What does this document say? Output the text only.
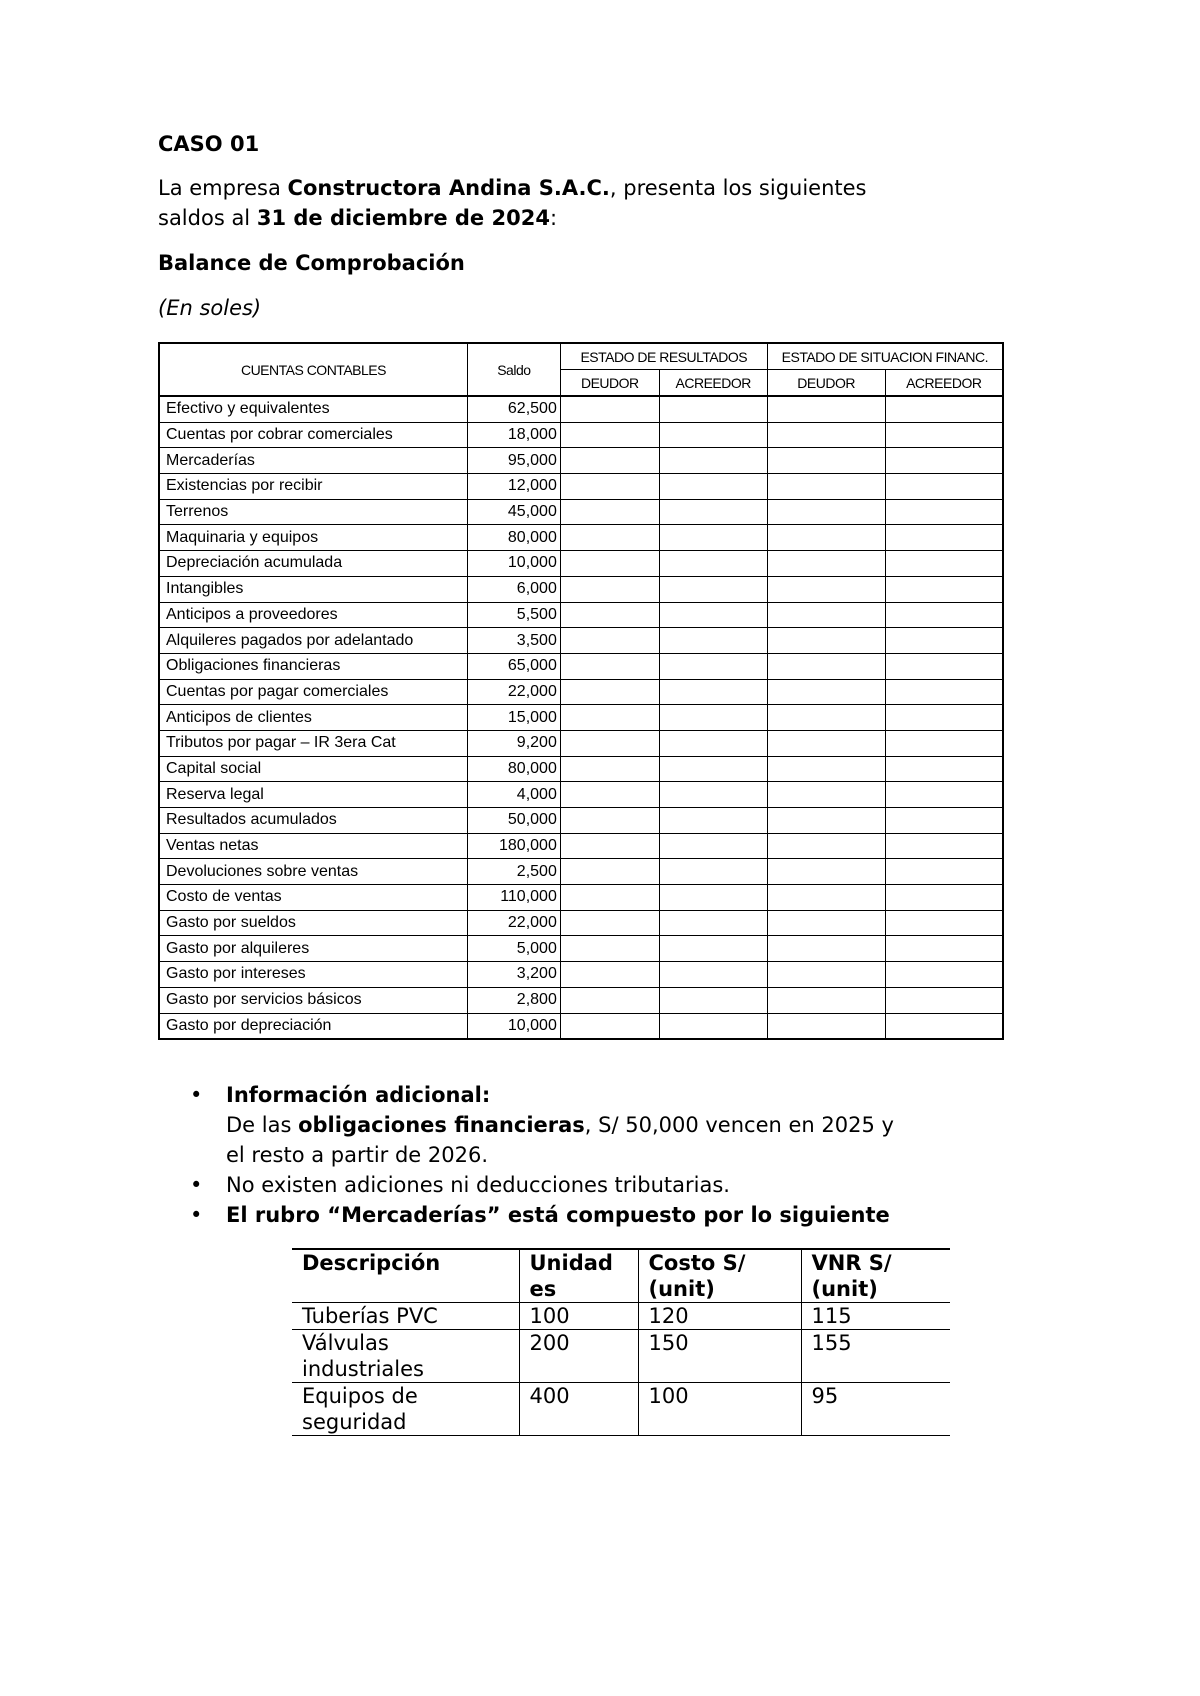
CASO 01
La empresa Constructora Andina S.A.C., presenta los siguientes
saldos al 31 de diciembre de 2024:
Balance de Comprobación
(En soles)
CUENTAS CONTABLES	Saldo	ESTADO DE RESULTADOS		ESTADO DE SITUACION FINANC.	
		DEUDOR	ACREEDOR	DEUDOR	ACREEDOR
Efectivo y equivalentes	62,500				
Cuentas por cobrar comerciales	18,000				
Mercaderías	95,000				
Existencias por recibir	12,000				
Terrenos	45,000				
Maquinaria y equipos	80,000				
Depreciación acumulada	10,000				
Intangibles	6,000				
Anticipos a proveedores	5,500				
Alquileres pagados por adelantado	3,500				
Obligaciones financieras	65,000				
Cuentas por pagar comerciales	22,000				
Anticipos de clientes	15,000				
Tributos por pagar – IR 3era Cat	9,200				
Capital social	80,000				
Reserva legal	4,000				
Resultados acumulados	50,000				
Ventas netas	180,000				
Devoluciones sobre ventas	2,500				
Costo de ventas	110,000				
Gasto por sueldos	22,000				
Gasto por alquileres	5,000				
Gasto por intereses	3,200				
Gasto por servicios básicos	2,800				
Gasto por depreciación	10,000				
• Información adicional:
De las obligaciones financieras, S/ 50,000 vencen en 2025 y
el resto a partir de 2026.
• No existen adiciones ni deducciones tributarias.
• El rubro “Mercaderías” está compuesto por lo siguiente
Descripción	Unidad es	Costo S/ (unit)	VNR S/ (unit)
Tuberías PVC	100	120	115
Válvulas industriales	200	150	155
Equipos de seguridad	400	100	95
